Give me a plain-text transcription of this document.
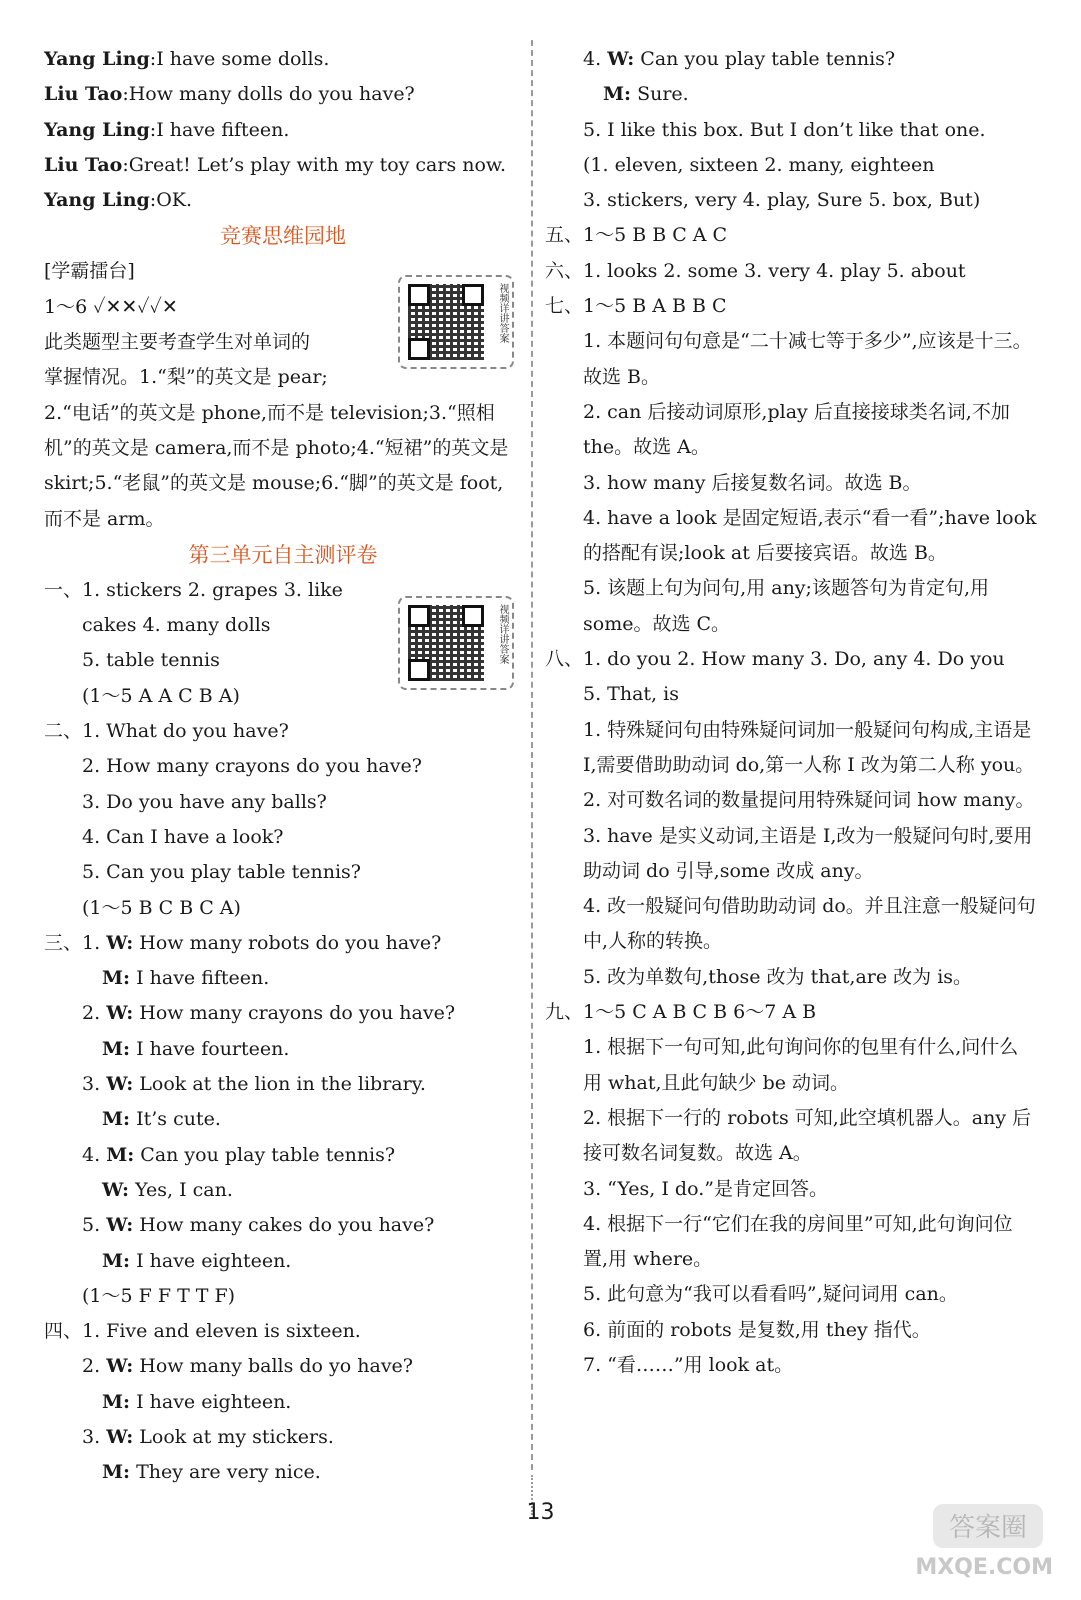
Yang Ling:I have some dolls.
Liu Tao:How many dolls do you have?
Yang Ling:I have fifteen.
Liu Tao:Great! Let’s play with my toy cars now.
Yang Ling:OK.
竞赛思维园地
[学霸擂台]
1～6 ✓✕✕✓✓✕
此类题型主要考查学生对单词的
掌握情况。1.“梨”的英文是 pear;
2.“电话”的英文是 phone,而不是 television;3.“照相机”的英文是 camera,而不是 photo;4.“短裙”的英文是 skirt;5.“老鼠”的英文是 mouse;6.“脚”的英文是 foot,而不是 arm。
第三单元自主测评卷
一、1. stickers 2. grapes 3. like
cakes 4. many dolls
5. table tennis
(1～5 A A C B A)
二、1. What do you have?
2. How many crayons do you have?
3. Do you have any balls?
4. Can I have a look?
5. Can you play table tennis?
(1～5 B C B C A)
三、1. W: How many robots do you have?
M: I have fifteen.
2. W: How many crayons do you have?
M: I have fourteen.
3. W: Look at the lion in the library.
M: It’s cute.
4. M: Can you play table tennis?
W: Yes, I can.
5. W: How many cakes do you have?
M: I have eighteen.
(1～5 F F T T F)
四、1. Five and eleven is sixteen.
2. W: How many balls do yo have?
M: I have eighteen.
3. W: Look at my stickers.
M: They are very nice.
视频详讲答案
视频详讲答案
4. W: Can you play table tennis?
M: Sure.
5. I like this box. But I don’t like that one.
(1. eleven, sixteen 2. many, eighteen
3. stickers, very 4. play, Sure 5. box, But)
五、1～5 B B C A C
六、1. looks 2. some 3. very 4. play 5. about
七、1～5 B A B B C
1. 本题问句句意是“二十减七等于多少”,应该是十三。故选 B。
2. can 后接动词原形,play 后直接接球类名词,不加 the。故选 A。
3. how many 后接复数名词。故选 B。
4. have a look 是固定短语,表示“看一看”;have look 的搭配有误;look at 后要接宾语。故选 B。
5. 该题上句为问句,用 any;该题答句为肯定句,用 some。故选 C。
八、1. do you 2. How many 3. Do, any 4. Do you
5. That, is
1. 特殊疑问句由特殊疑问词加一般疑问句构成,主语是 I,需要借助助动词 do,第一人称 I 改为第二人称 you。
2. 对可数名词的数量提问用特殊疑问词 how many。
3. have 是实义动词,主语是 I,改为一般疑问句时,要用助动词 do 引导,some 改成 any。
4. 改一般疑问句借助助动词 do。并且注意一般疑问句中,人称的转换。
5. 改为单数句,those 改为 that,are 改为 is。
九、1～5 C A B C B 6～7 A B
1. 根据下一句可知,此句询问你的包里有什么,问什么用 what,且此句缺少 be 动词。
2. 根据下一行的 robots 可知,此空填机器人。any 后接可数名词复数。故选 A。
3. “Yes, I do.”是肯定回答。
4. 根据下一行“它们在我的房间里”可知,此句询问位置,用 where。
5. 此句意为“我可以看看吗”,疑问词用 can。
6. 前面的 robots 是复数,用 they 指代。
7. “看……”用 look at。
13
答案圈
MXQE.COM
